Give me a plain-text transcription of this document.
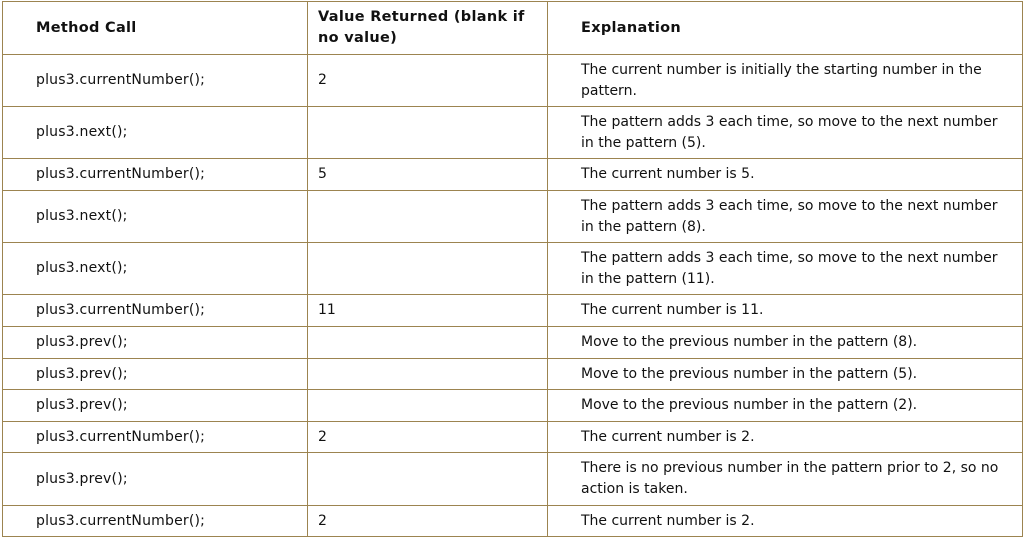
Method Call	Value Returned (blank if no value)	Explanation
plus3.currentNumber();	2	The current number is initially the starting number in the pattern.
plus3.next();		The pattern adds 3 each time, so move to the next number in the pattern (5).
plus3.currentNumber();	5	The current number is 5.
plus3.next();		The pattern adds 3 each time, so move to the next number in the pattern (8).
plus3.next();		The pattern adds 3 each time, so move to the next number in the pattern (11).
plus3.currentNumber();	11	The current number is 11.
plus3.prev();		Move to the previous number in the pattern (8).
plus3.prev();		Move to the previous number in the pattern (5).
plus3.prev();		Move to the previous number in the pattern (2).
plus3.currentNumber();	2	The current number is 2.
plus3.prev();		There is no previous number in the pattern prior to 2, so no action is taken.
plus3.currentNumber();	2	The current number is 2.
